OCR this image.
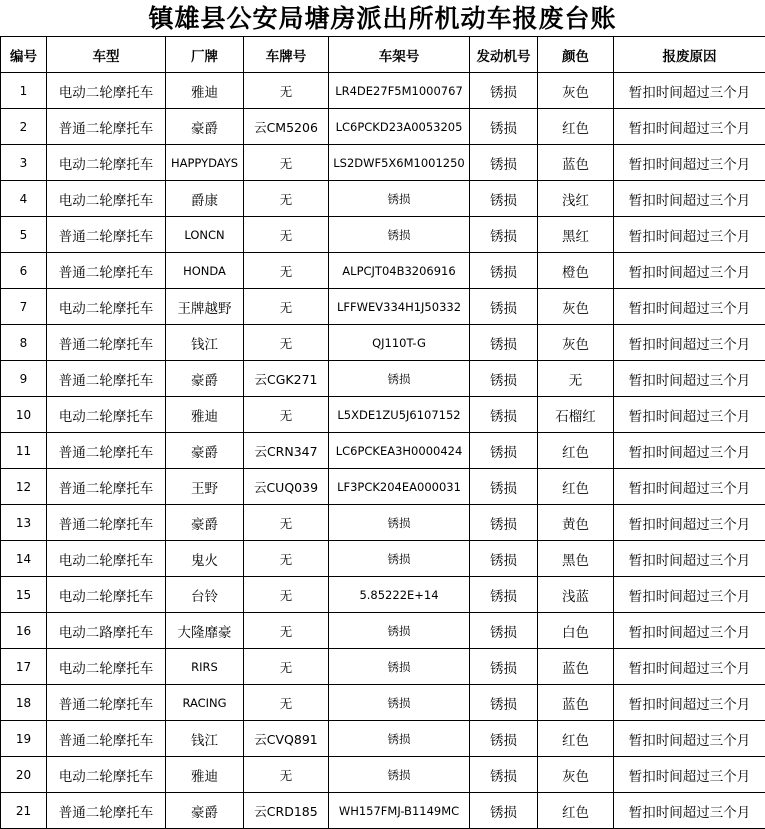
镇雄县公安局塘房派出所机动车报废台账
编号	车型	厂牌	车牌号	车架号	发动机号	颜色	报废原因
1	电动二轮摩托车	雅迪	无	LR4DE27F5M1000767	锈损	灰色	暂扣时间超过三个月
2	普通二轮摩托车	豪爵	云CM5206	LC6PCKD23A0053205	锈损	红色	暂扣时间超过三个月
3	电动二轮摩托车	HAPPYDAYS	无	LS2DWF5X6M1001250	锈损	蓝色	暂扣时间超过三个月
4	电动二轮摩托车	爵康	无	锈损	锈损	浅红	暂扣时间超过三个月
5	普通二轮摩托车	LONCN	无	锈损	锈损	黑红	暂扣时间超过三个月
6	普通二轮摩托车	HONDA	无	ALPCJT04B3206916	锈损	橙色	暂扣时间超过三个月
7	电动二轮摩托车	王牌越野	无	LFFWEV334H1J50332	锈损	灰色	暂扣时间超过三个月
8	普通二轮摩托车	钱江	无	QJ110T-G	锈损	灰色	暂扣时间超过三个月
9	普通二轮摩托车	豪爵	云CGK271	锈损	锈损	无	暂扣时间超过三个月
10	电动二轮摩托车	雅迪	无	L5XDE1ZU5J6107152	锈损	石榴红	暂扣时间超过三个月
11	普通二轮摩托车	豪爵	云CRN347	LC6PCKEA3H0000424	锈损	红色	暂扣时间超过三个月
12	普通二轮摩托车	王野	云CUQ039	LF3PCK204EA000031	锈损	红色	暂扣时间超过三个月
13	普通二轮摩托车	豪爵	无	锈损	锈损	黄色	暂扣时间超过三个月
14	电动二轮摩托车	鬼火	无	锈损	锈损	黑色	暂扣时间超过三个月
15	电动二轮摩托车	台铃	无	5.85222E+14	锈损	浅蓝	暂扣时间超过三个月
16	电动二路摩托车	大隆靡豪	无	锈损	锈损	白色	暂扣时间超过三个月
17	电动二轮摩托车	RIRS	无	锈损	锈损	蓝色	暂扣时间超过三个月
18	普通二轮摩托车	RACING	无	锈损	锈损	蓝色	暂扣时间超过三个月
19	普通二轮摩托车	钱江	云CVQ891	锈损	锈损	红色	暂扣时间超过三个月
20	电动二轮摩托车	雅迪	无	锈损	锈损	灰色	暂扣时间超过三个月
21	普通二轮摩托车	豪爵	云CRD185	WH157FMJ-B1149MC	锈损	红色	暂扣时间超过三个月
